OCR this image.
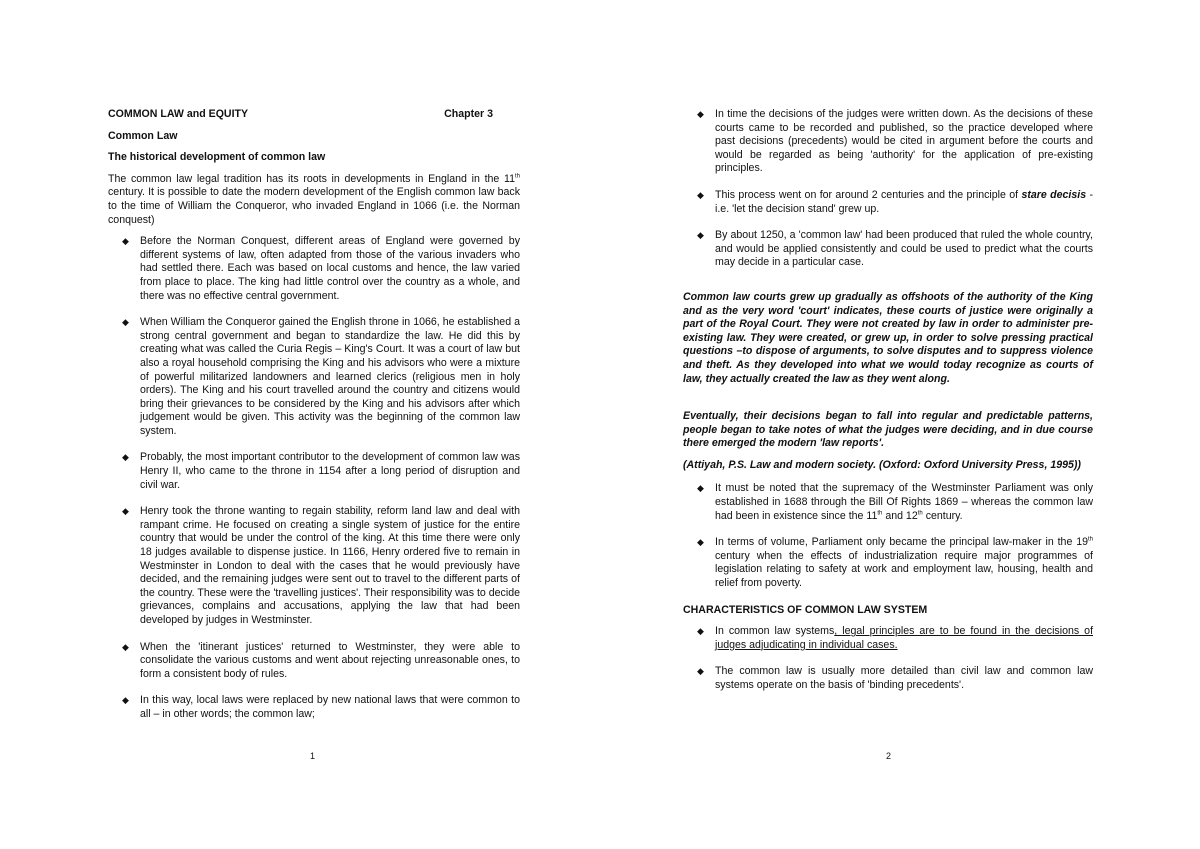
COMMON LAW and EQUITY	Chapter 3
Common Law
The historical development of common law

The common law legal tradition has its roots in developments in England in the 11th century. It is possible to date the modern development of the English common law back to the time of William the Conqueror, who invaded England in 1066 (i.e. the Norman conquest)

◆ Before the Norman Conquest, different areas of England were governed by different systems of law, often adapted from those of the various invaders who had settled there. Each was based on local customs and hence, the law varied from place to place. The king had little control over the country as a whole, and there was no effective central government.
◆ When William the Conqueror gained the English throne in 1066, he established a strong central government and began to standardize the law. He did this by creating what was called the Curia Regis – King's Court. It was a court of law but also a royal household comprising the King and his advisors who were a mixture of powerful militarized landowners and learned clerics (religious men in holy orders). The King and his court travelled around the country and citizens would bring their grievances to be considered by the King and his advisors after which judgement would be given. This activity was the beginning of the common law system.
◆ Probably, the most important contributor to the development of common law was Henry II, who came to the throne in 1154 after a long period of disruption and civil war.
◆ Henry took the throne wanting to regain stability, reform land law and deal with rampant crime. He focused on creating a single system of justice for the entire country that would be under the control of the king. At this time there were only 18 judges available to dispense justice. In 1166, Henry ordered five to remain in Westminster in London to deal with the cases that he would previously have decided, and the remaining judges were sent out to travel to the different parts of the country. These were the 'travelling justices'. Their responsibility was to decide grievances, complains and accusations, applying the law that had been developed by judges in Westminster.
◆ When the 'itinerant justices' returned to Westminster, they were able to consolidate the various customs and went about rejecting unreasonable ones, to form a consistent body of rules.
◆ In this way, local laws were replaced by new national laws that were common to all – in other words; the common law;
1
◆ In time the decisions of the judges were written down. As the decisions of these courts came to be recorded and published, so the practice developed where past decisions (precedents) would be cited in argument before the courts and would be regarded as being 'authority' for the application of pre-existing principles.
◆ This process went on for around 2 centuries and the principle of stare decisis - i.e. 'let the decision stand' grew up.
◆ By about 1250, a 'common law' had been produced that ruled the whole country, and would be applied consistently and could be used to predict what the courts may decide in a particular case.

Common law courts grew up gradually as offshoots of the authority of the King and as the very word 'court' indicates, these courts of justice were originally a part of the Royal Court. They were not created by law in order to administer pre-existing law. They were created, or grew up, in order to solve pressing practical questions –to dispose of arguments, to solve disputes and to suppress violence and theft. As they developed into what we would today recognize as courts of law, they actually created the law as they went along.

Eventually, their decisions began to fall into regular and predictable patterns, people began to take notes of what the judges were deciding, and in due course there emerged the modern 'law reports'.

(Attiyah, P.S. Law and modern society. (Oxford: Oxford University Press, 1995))

◆ It must be noted that the supremacy of the Westminster Parliament was only established in 1688 through the Bill Of Rights 1869 – whereas the common law had been in existence since the 11th and 12th century.
◆ In terms of volume, Parliament only became the principal law-maker in the 19th century when the effects of industrialization require major programmes of legislation relating to safety at work and employment law, housing, health and relief from poverty.
CHARACTERISTICS OF COMMON LAW SYSTEM
◆ In common law systems, legal principles are to be found in the decisions of judges adjudicating in individual cases.
◆ The common law is usually more detailed than civil law and common law systems operate on the basis of 'binding precedents'.
2
